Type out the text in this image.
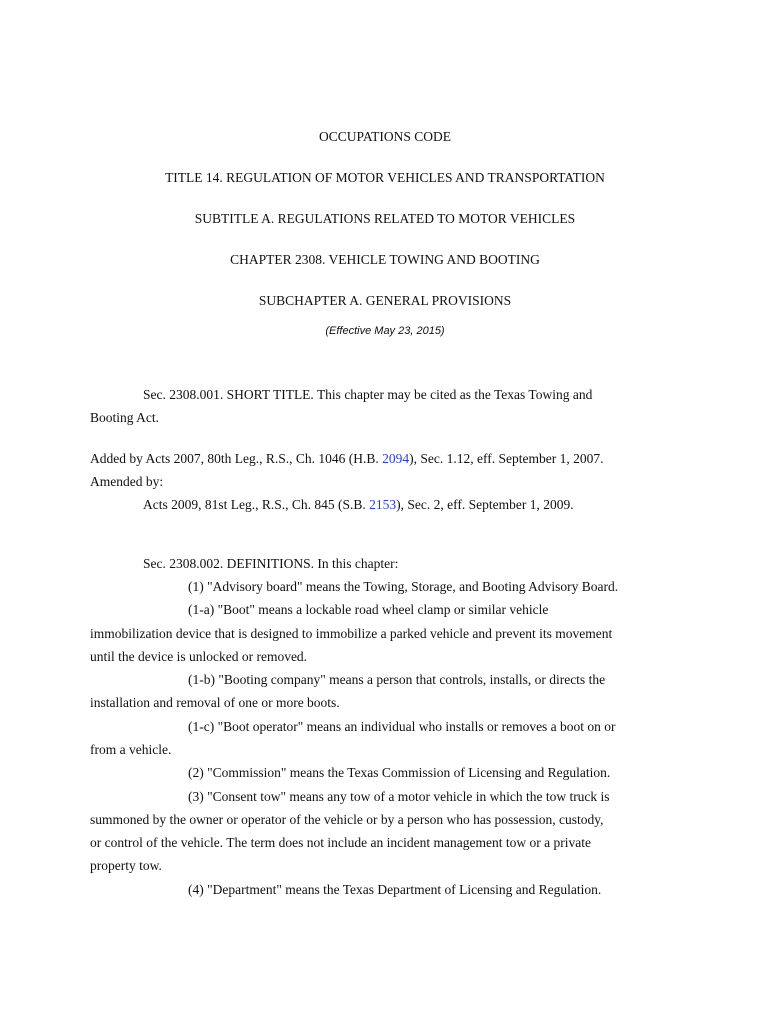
OCCUPATIONS CODE
TITLE 14. REGULATION OF MOTOR VEHICLES AND TRANSPORTATION
SUBTITLE A. REGULATIONS RELATED TO MOTOR VEHICLES
CHAPTER 2308. VEHICLE TOWING AND BOOTING
SUBCHAPTER A. GENERAL PROVISIONS
(Effective May 23, 2015)
Sec. 2308.001. SHORT TITLE. This chapter may be cited as the Texas Towing and
Booting Act.
Added by Acts 2007, 80th Leg., R.S., Ch. 1046 (H.B. 2094), Sec. 1.12, eff. September 1, 2007.
Amended by:
Acts 2009, 81st Leg., R.S., Ch. 845 (S.B. 2153), Sec. 2, eff. September 1, 2009.
Sec. 2308.002. DEFINITIONS. In this chapter:
(1) "Advisory board" means the Towing, Storage, and Booting Advisory Board.
(1-a) "Boot" means a lockable road wheel clamp or similar vehicle
immobilization device that is designed to immobilize a parked vehicle and prevent its movement
until the device is unlocked or removed.
(1-b) "Booting company" means a person that controls, installs, or directs the
installation and removal of one or more boots.
(1-c) "Boot operator" means an individual who installs or removes a boot on or
from a vehicle.
(2) "Commission" means the Texas Commission of Licensing and Regulation.
(3) "Consent tow" means any tow of a motor vehicle in which the tow truck is
summoned by the owner or operator of the vehicle or by a person who has possession, custody,
or control of the vehicle. The term does not include an incident management tow or a private
property tow.
(4) "Department" means the Texas Department of Licensing and Regulation.
